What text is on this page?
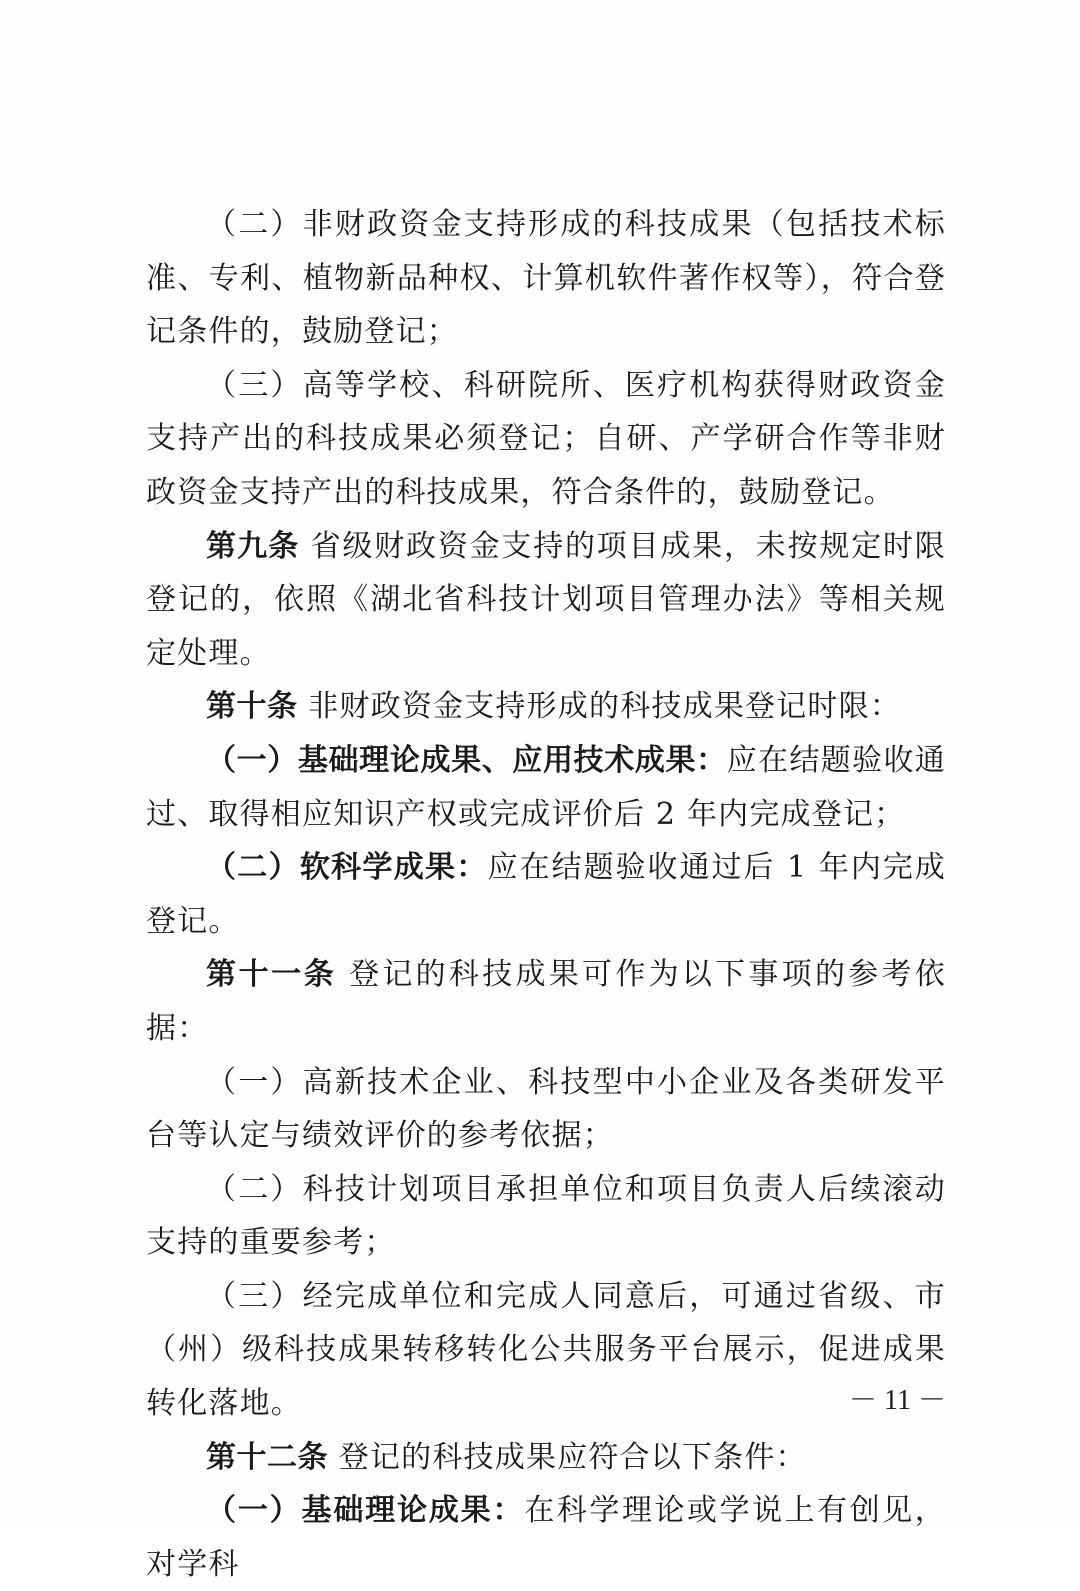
（二）非财政资金支持形成的科技成果（包括技术标准、专利、植物新品种权、计算机软件著作权等），符合登记条件的，鼓励登记；

（三）高等学校、科研院所、医疗机构获得财政资金支持产出的科技成果必须登记；自研、产学研合作等非财政资金支持产出的科技成果，符合条件的，鼓励登记。

第九条 省级财政资金支持的项目成果，未按规定时限登记的，依照《湖北省科技计划项目管理办法》等相关规定处理。

第十条 非财政资金支持形成的科技成果登记时限：

（一）基础理论成果、应用技术成果：应在结题验收通过、取得相应知识产权或完成评价后 2 年内完成登记；

（二）软科学成果：应在结题验收通过后 1 年内完成登记。

第十一条 登记的科技成果可作为以下事项的参考依据：

（一）高新技术企业、科技型中小企业及各类研发平台等认定与绩效评价的参考依据；

（二）科技计划项目承担单位和项目负责人后续滚动支持的重要参考；

（三）经完成单位和完成人同意后，可通过省级、市（州）级科技成果转移转化公共服务平台展示，促进成果转化落地。

第十二条 登记的科技成果应符合以下条件：

（一）基础理论成果：在科学理论或学说上有创见，对学科

－ 11 －
